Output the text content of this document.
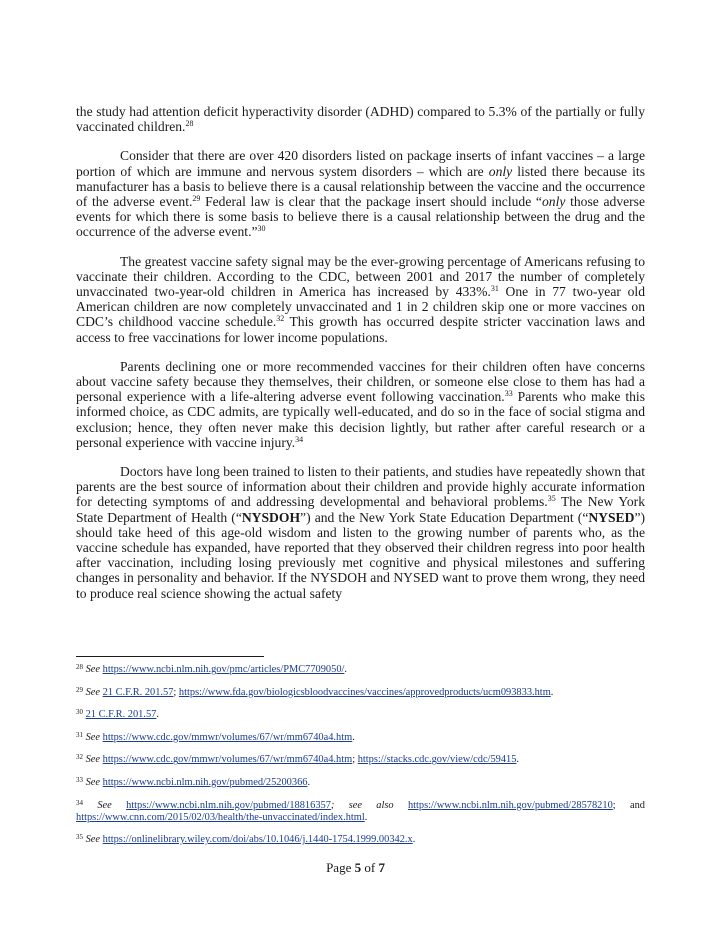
the study had attention deficit hyperactivity disorder (ADHD) compared to 5.3% of the partially or fully vaccinated children.$^{28}$

Consider that there are over 420 disorders listed on package inserts of infant vaccines – a large portion of which are immune and nervous system disorders – which are only listed there because its manufacturer has a basis to believe there is a causal relationship between the vaccine and the occurrence of the adverse event.$^{29}$ Federal law is clear that the package insert should include “only those adverse events for which there is some basis to believe there is a causal relationship between the drug and the occurrence of the adverse event.”$^{30}$

The greatest vaccine safety signal may be the ever-growing percentage of Americans refusing to vaccinate their children. According to the CDC, between 2001 and 2017 the number of completely unvaccinated two-year-old children in America has increased by 433%.$^{31}$ One in 77 two-year old American children are now completely unvaccinated and 1 in 2 children skip one or more vaccines on CDC’s childhood vaccine schedule.$^{32}$ This growth has occurred despite stricter vaccination laws and access to free vaccinations for lower income populations.

Parents declining one or more recommended vaccines for their children often have concerns about vaccine safety because they themselves, their children, or someone else close to them has had a personal experience with a life-altering adverse event following vaccination.$^{33}$ Parents who make this informed choice, as CDC admits, are typically well-educated, and do so in the face of social stigma and exclusion; hence, they often never make this decision lightly, but rather after careful research or a personal experience with vaccine injury.$^{34}$

Doctors have long been trained to listen to their patients, and studies have repeatedly shown that parents are the best source of information about their children and provide highly accurate information for detecting symptoms of and addressing developmental and behavioral problems.$^{35}$ The New York State Department of Health (“NYSDOH”) and the New York State Education Department (“NYSED”) should take heed of this age-old wisdom and listen to the growing number of parents who, as the vaccine schedule has expanded, have reported that they observed their children regress into poor health after vaccination, including losing previously met cognitive and physical milestones and suffering changes in personality and behavior. If the NYSDOH and NYSED want to prove them wrong, they need to produce real science showing the actual safety

$^{28}$ See https://www.ncbi.nlm.nih.gov/pmc/articles/PMC7709050/.
$^{29}$ See 21 C.F.R. 201.57; https://www.fda.gov/biologicsbloodvaccines/vaccines/approvedproducts/ucm093833.htm.
$^{30}$ 21 C.F.R. 201.57.
$^{31}$ See https://www.cdc.gov/mmwr/volumes/67/wr/mm6740a4.htm.
$^{32}$ See https://www.cdc.gov/mmwr/volumes/67/wr/mm6740a4.htm; https://stacks.cdc.gov/view/cdc/59415.
$^{33}$ See https://www.ncbi.nlm.nih.gov/pubmed/25200366.
$^{34}$ See https://www.ncbi.nlm.nih.gov/pubmed/18816357; see also https://www.ncbi.nlm.nih.gov/pubmed/28578210; and https://www.cnn.com/2015/02/03/health/the-unvaccinated/index.html.
$^{35}$ See https://onlinelibrary.wiley.com/doi/abs/10.1046/j.1440-1754.1999.00342.x.
Page 5 of 7
